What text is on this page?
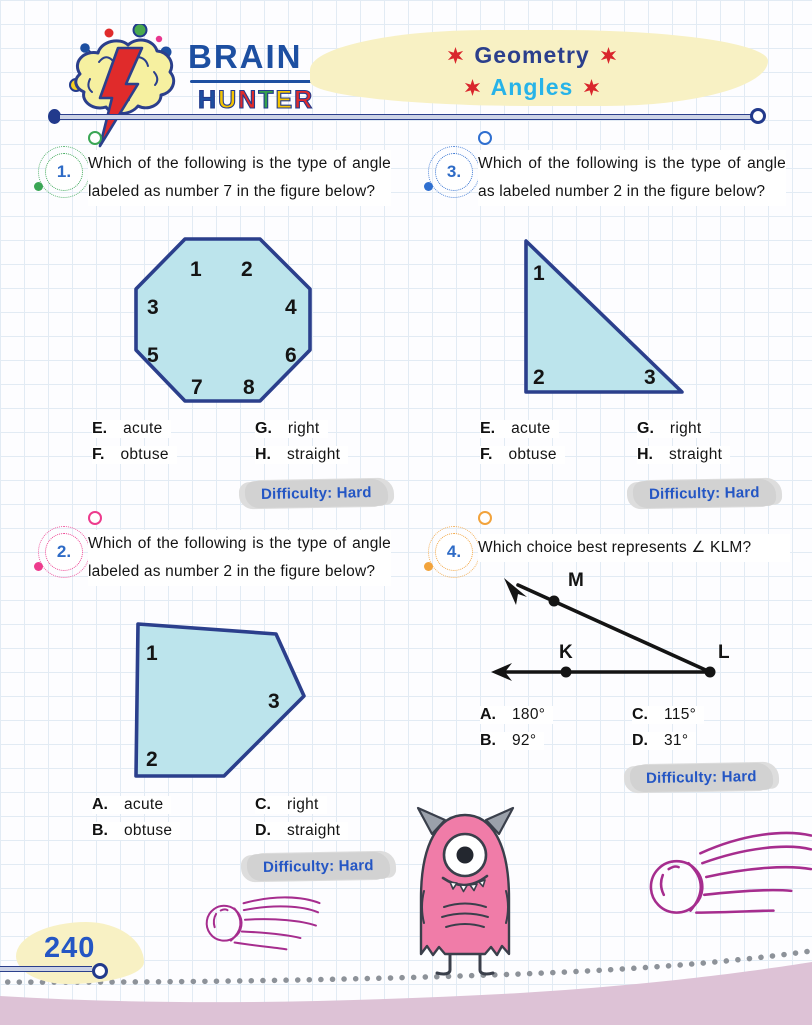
BRAIN
HUNTER
Geometry
Angles
1.	Which of the following is the type of angle labeled as number 7 in the figure below?
1 2
3	4
5	6
7 8
E. acute	G. right
F. obtuse	H. straight
Difficulty: Hard
3.	Which of the following is the type of angle as labeled number 2 in the figure below?
1
2	3
E. acute	G. right
F. obtuse	H. straight
Difficulty: Hard
2.	Which of the following is the type of angle labeled as number 2 in the figure below?
1
2
3
A. acute	C. right
B. obtuse	D. straight
Difficulty: Hard
4.	Which choice best represents ∠ KLM?
M
K	L
A. 180°	C. 115°
B. 92°	D. 31°
Difficulty: Hard
240
